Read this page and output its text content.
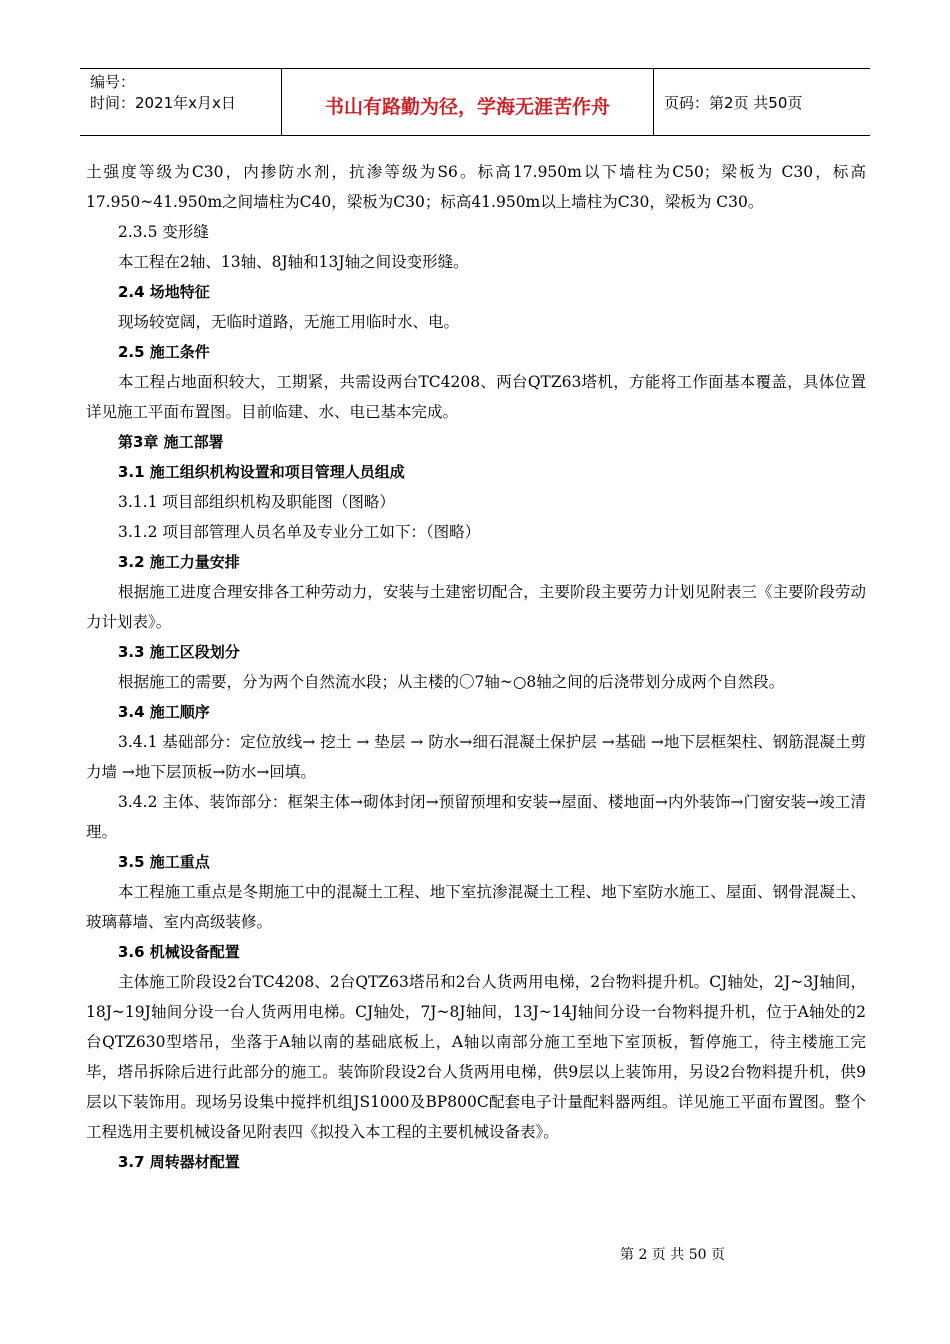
编号：
时间：2021年x月x日	书山有路勤为径，学海无涯苦作舟	页码：第2页 共50页

土强度等级为C30，内掺防水剂，抗渗等级为S6。标高17.950m以下墙柱为C50；梁板为 C30，标高17.950~41.950m之间墙柱为C40，梁板为C30；标高41.950m以上墙柱为C30，梁板为 C30。

2.3.5 变形缝

本工程在2轴、13轴、8J轴和13J轴之间设变形缝。

2.4 场地特征

现场较宽阔，无临时道路，无施工用临时水、电。

2.5 施工条件

本工程占地面积较大，工期紧，共需设两台TC4208、两台QTZ63塔机，方能将工作面基本覆盖，具体位置详见施工平面布置图。目前临建、水、电已基本完成。

第3章 施工部署

3.1 施工组织机构设置和项目管理人员组成

3.1.1 项目部组织机构及职能图（图略）

3.1.2 项目部管理人员名单及专业分工如下：（图略）

3.2 施工力量安排

根据施工进度合理安排各工种劳动力，安装与土建密切配合，主要阶段主要劳力计划见附表三《主要阶段劳动力计划表》。

3.3 施工区段划分

根据施工的需要，分为两个自然流水段；从主楼的〇7轴~○8轴之间的后浇带划分成两个自然段。

3.4 施工顺序

3.4.1 基础部分：定位放线→ 挖土 → 垫层 → 防水→细石混凝土保护层 →基础 →地下层框架柱、钢筋混凝土剪力墙 →地下层顶板→防水→回填。

3.4.2 主体、装饰部分：框架主体→砌体封闭→预留预埋和安装→屋面、楼地面→内外装饰→门窗安装→竣工清理。

3.5 施工重点

本工程施工重点是冬期施工中的混凝土工程、地下室抗渗混凝土工程、地下室防水施工、屋面、钢骨混凝土、玻璃幕墙、室内高级装修。

3.6 机械设备配置

主体施工阶段设2台TC4208、2台QTZ63塔吊和2台人货两用电梯，2台物料提升机。CJ轴处，2J~3J轴间，18J~19J轴间分设一台人货两用电梯。CJ轴处，7J~8J轴间，13J~14J轴间分设一台物料提升机，位于A轴处的2台QTZ630型塔吊，坐落于A轴以南的基础底板上，A轴以南部分施工至地下室顶板，暂停施工，待主楼施工完毕，塔吊拆除后进行此部分的施工。装饰阶段设2台人货两用电梯，供9层以上装饰用，另设2台物料提升机，供9层以下装饰用。现场另设集中搅拌机组JS1000及BP800C配套电子计量配料器两组。详见施工平面布置图。整个工程选用主要机械设备见附表四《拟投入本工程的主要机械设备表》。

3.7 周转器材配置

第 2 页 共 50 页
